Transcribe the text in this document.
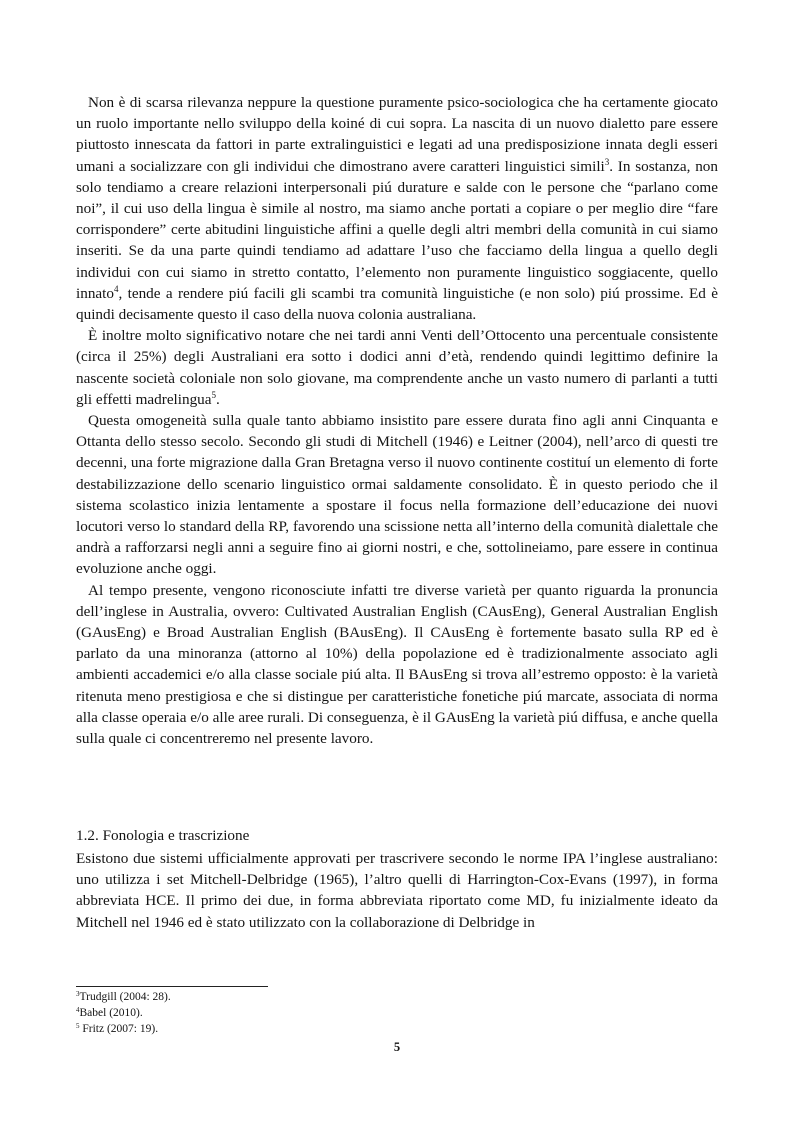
Non è di scarsa rilevanza neppure la questione puramente psico-sociologica che ha certamente giocato un ruolo importante nello sviluppo della koiné di cui sopra. La nascita di un nuovo dialetto pare essere piuttosto innescata da fattori in parte extralinguistici e legati ad una predisposizione innata degli esseri umani a socializzare con gli individui che dimostrano avere caratteri linguistici simili$^3$. In sostanza, non solo tendiamo a creare relazioni interpersonali piú durature e salde con le persone che “parlano come noi”, il cui uso della lingua è simile al nostro, ma siamo anche portati a copiare o per meglio dire “fare corrispondere” certe abitudini linguistiche affini a quelle degli altri membri della comunità in cui siamo inseriti. Se da una parte quindi tendiamo ad adattare l’uso che facciamo della lingua a quello degli individui con cui siamo in stretto contatto, l’elemento non puramente linguistico soggiacente, quello innato$^4$, tende a rendere piú facili gli scambi tra comunità linguistiche (e non solo) piú prossime. Ed è quindi decisamente questo il caso della nuova colonia australiana.

È inoltre molto significativo notare che nei tardi anni Venti dell’Ottocento una percentuale consistente (circa il 25%) degli Australiani era sotto i dodici anni d’età, rendendo quindi legittimo definire la nascente società coloniale non solo giovane, ma comprendente anche un vasto numero di parlanti a tutti gli effetti madrelingua$^5$.

Questa omogeneità sulla quale tanto abbiamo insistito pare essere durata fino agli anni Cinquanta e Ottanta dello stesso secolo. Secondo gli studi di Mitchell (1946) e Leitner (2004), nell’arco di questi tre decenni, una forte migrazione dalla Gran Bretagna verso il nuovo continente costituí un elemento di forte destabilizzazione dello scenario linguistico ormai saldamente consolidato. È in questo periodo che il sistema scolastico inizia lentamente a spostare il focus nella formazione dell’educazione dei nuovi locutori verso lo standard della RP, favorendo una scissione netta all’interno della comunità dialettale che andrà a rafforzarsi negli anni a seguire fino ai giorni nostri, e che, sottolineiamo, pare essere in continua evoluzione anche oggi.

Al tempo presente, vengono riconosciute infatti tre diverse varietà per quanto riguarda la pronuncia dell’inglese in Australia, ovvero: Cultivated Australian English (CAusEng), General Australian English (GAusEng) e Broad Australian English (BAusEng). Il CAusEng è fortemente basato sulla RP ed è parlato da una minoranza (attorno al 10%) della popolazione ed è tradizionalmente associato agli ambienti accademici e/o alla classe sociale piú alta. Il BAusEng si trova all’estremo opposto: è la varietà ritenuta meno prestigiosa e che si distingue per caratteristiche fonetiche piú marcate, associata di norma alla classe operaia e/o alle aree rurali. Di conseguenza, è il GAusEng la varietà piú diffusa, e anche quella sulla quale ci concentreremo nel presente lavoro.

1.2. Fonologia e trascrizione

Esistono due sistemi ufficialmente approvati per trascrivere secondo le norme IPA l’inglese australiano: uno utilizza i set Mitchell-Delbridge (1965), l’altro quelli di Harrington-Cox-Evans (1997), in forma abbreviata HCE. Il primo dei due, in forma abbreviata riportato come MD, fu inizialmente ideato da Mitchell nel 1946 ed è stato utilizzato con la collaborazione di Delbridge in

$^3$Trudgill (2004: 28).
$^4$Babel (2010).
$^5$ Fritz (2007: 19).
5
